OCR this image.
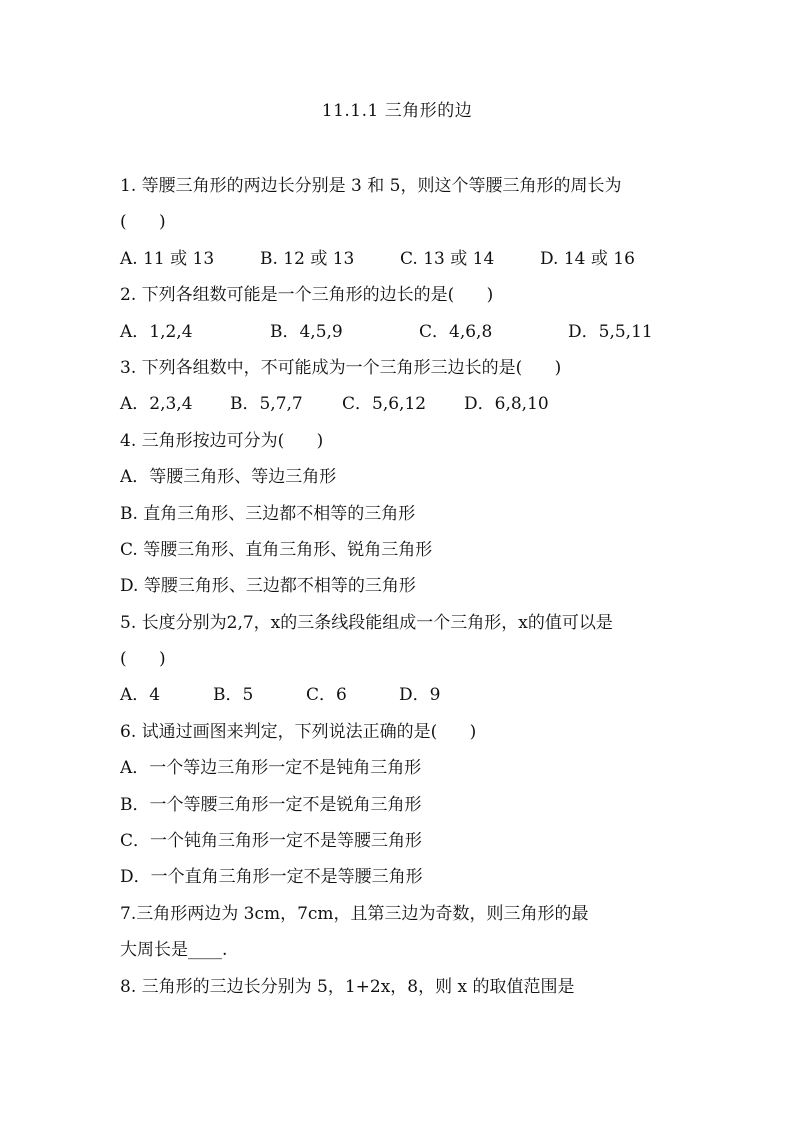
11.1.1 三角形的边
1. 等腰三角形的两边长分别是 3 和 5，则这个等腰三角形的周长为
(      )
A. 11 或 13	B. 12 或 13	C. 13 或 14	D. 14 或 16
2. 下列各组数可能是一个三角形的边长的是(      )
A．1,2,4	B．4,5,9	C．4,6,8	D．5,5,11
3. 下列各组数中，不可能成为一个三角形三边长的是(      )
A．2,3,4	B．5,7,7	C．5,6,12	D．6,8,10
4. 三角形按边可分为(      )
A．等腰三角形、等边三角形
B. 直角三角形、三边都不相等的三角形
C. 等腰三角形、直角三角形、锐角三角形
D. 等腰三角形、三边都不相等的三角形
5. 长度分别为2,7，x的三条线段能组成一个三角形，x的值可以是
(      )
A．4	B．5	C．6	D．9
6. 试通过画图来判定，下列说法正确的是(      )
A．一个等边三角形一定不是钝角三角形
B．一个等腰三角形一定不是锐角三角形
C．一个钝角三角形一定不是等腰三角形
D．一个直角三角形一定不是等腰三角形
7.三角形两边为 3cm，7cm，且第三边为奇数，则三角形的最
大周长是____.
8. 三角形的三边长分别为 5，1+2x，8，则 x 的取值范围是
